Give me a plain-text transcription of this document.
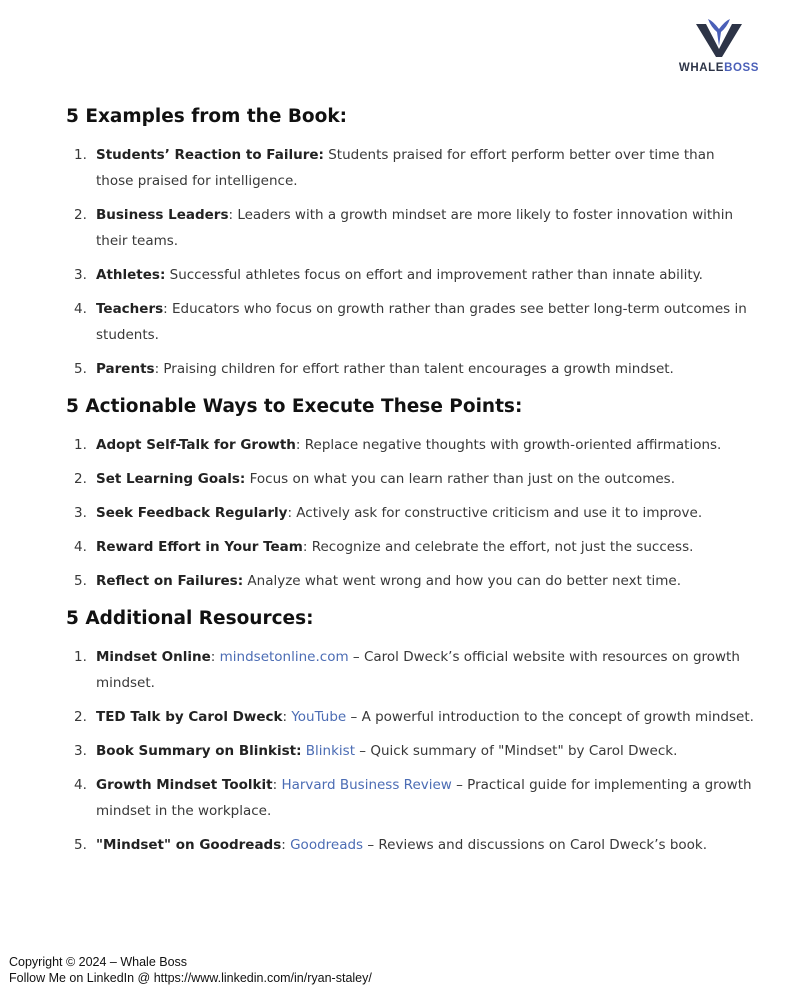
WHALEBOSS
5 Examples from the Book:
1. Students’ Reaction to Failure: Students praised for effort perform better over time than those praised for intelligence.
2. Business Leaders: Leaders with a growth mindset are more likely to foster innovation within their teams.
3. Athletes: Successful athletes focus on effort and improvement rather than innate ability.
4. Teachers: Educators who focus on growth rather than grades see better long-term outcomes in students.
5. Parents: Praising children for effort rather than talent encourages a growth mindset.
5 Actionable Ways to Execute These Points:
1. Adopt Self-Talk for Growth: Replace negative thoughts with growth-oriented affirmations.
2. Set Learning Goals: Focus on what you can learn rather than just on the outcomes.
3. Seek Feedback Regularly: Actively ask for constructive criticism and use it to improve.
4. Reward Effort in Your Team: Recognize and celebrate the effort, not just the success.
5. Reflect on Failures: Analyze what went wrong and how you can do better next time.
5 Additional Resources:
1. Mindset Online: mindsetonline.com – Carol Dweck’s official website with resources on growth mindset.
2. TED Talk by Carol Dweck: YouTube – A powerful introduction to the concept of growth mindset.
3. Book Summary on Blinkist: Blinkist – Quick summary of "Mindset" by Carol Dweck.
4. Growth Mindset Toolkit: Harvard Business Review – Practical guide for implementing a growth mindset in the workplace.
5. "Mindset" on Goodreads: Goodreads – Reviews and discussions on Carol Dweck’s book.
Copyright © 2024 – Whale Boss
Follow Me on LinkedIn @ https://www.linkedin.com/in/ryan-staley/
